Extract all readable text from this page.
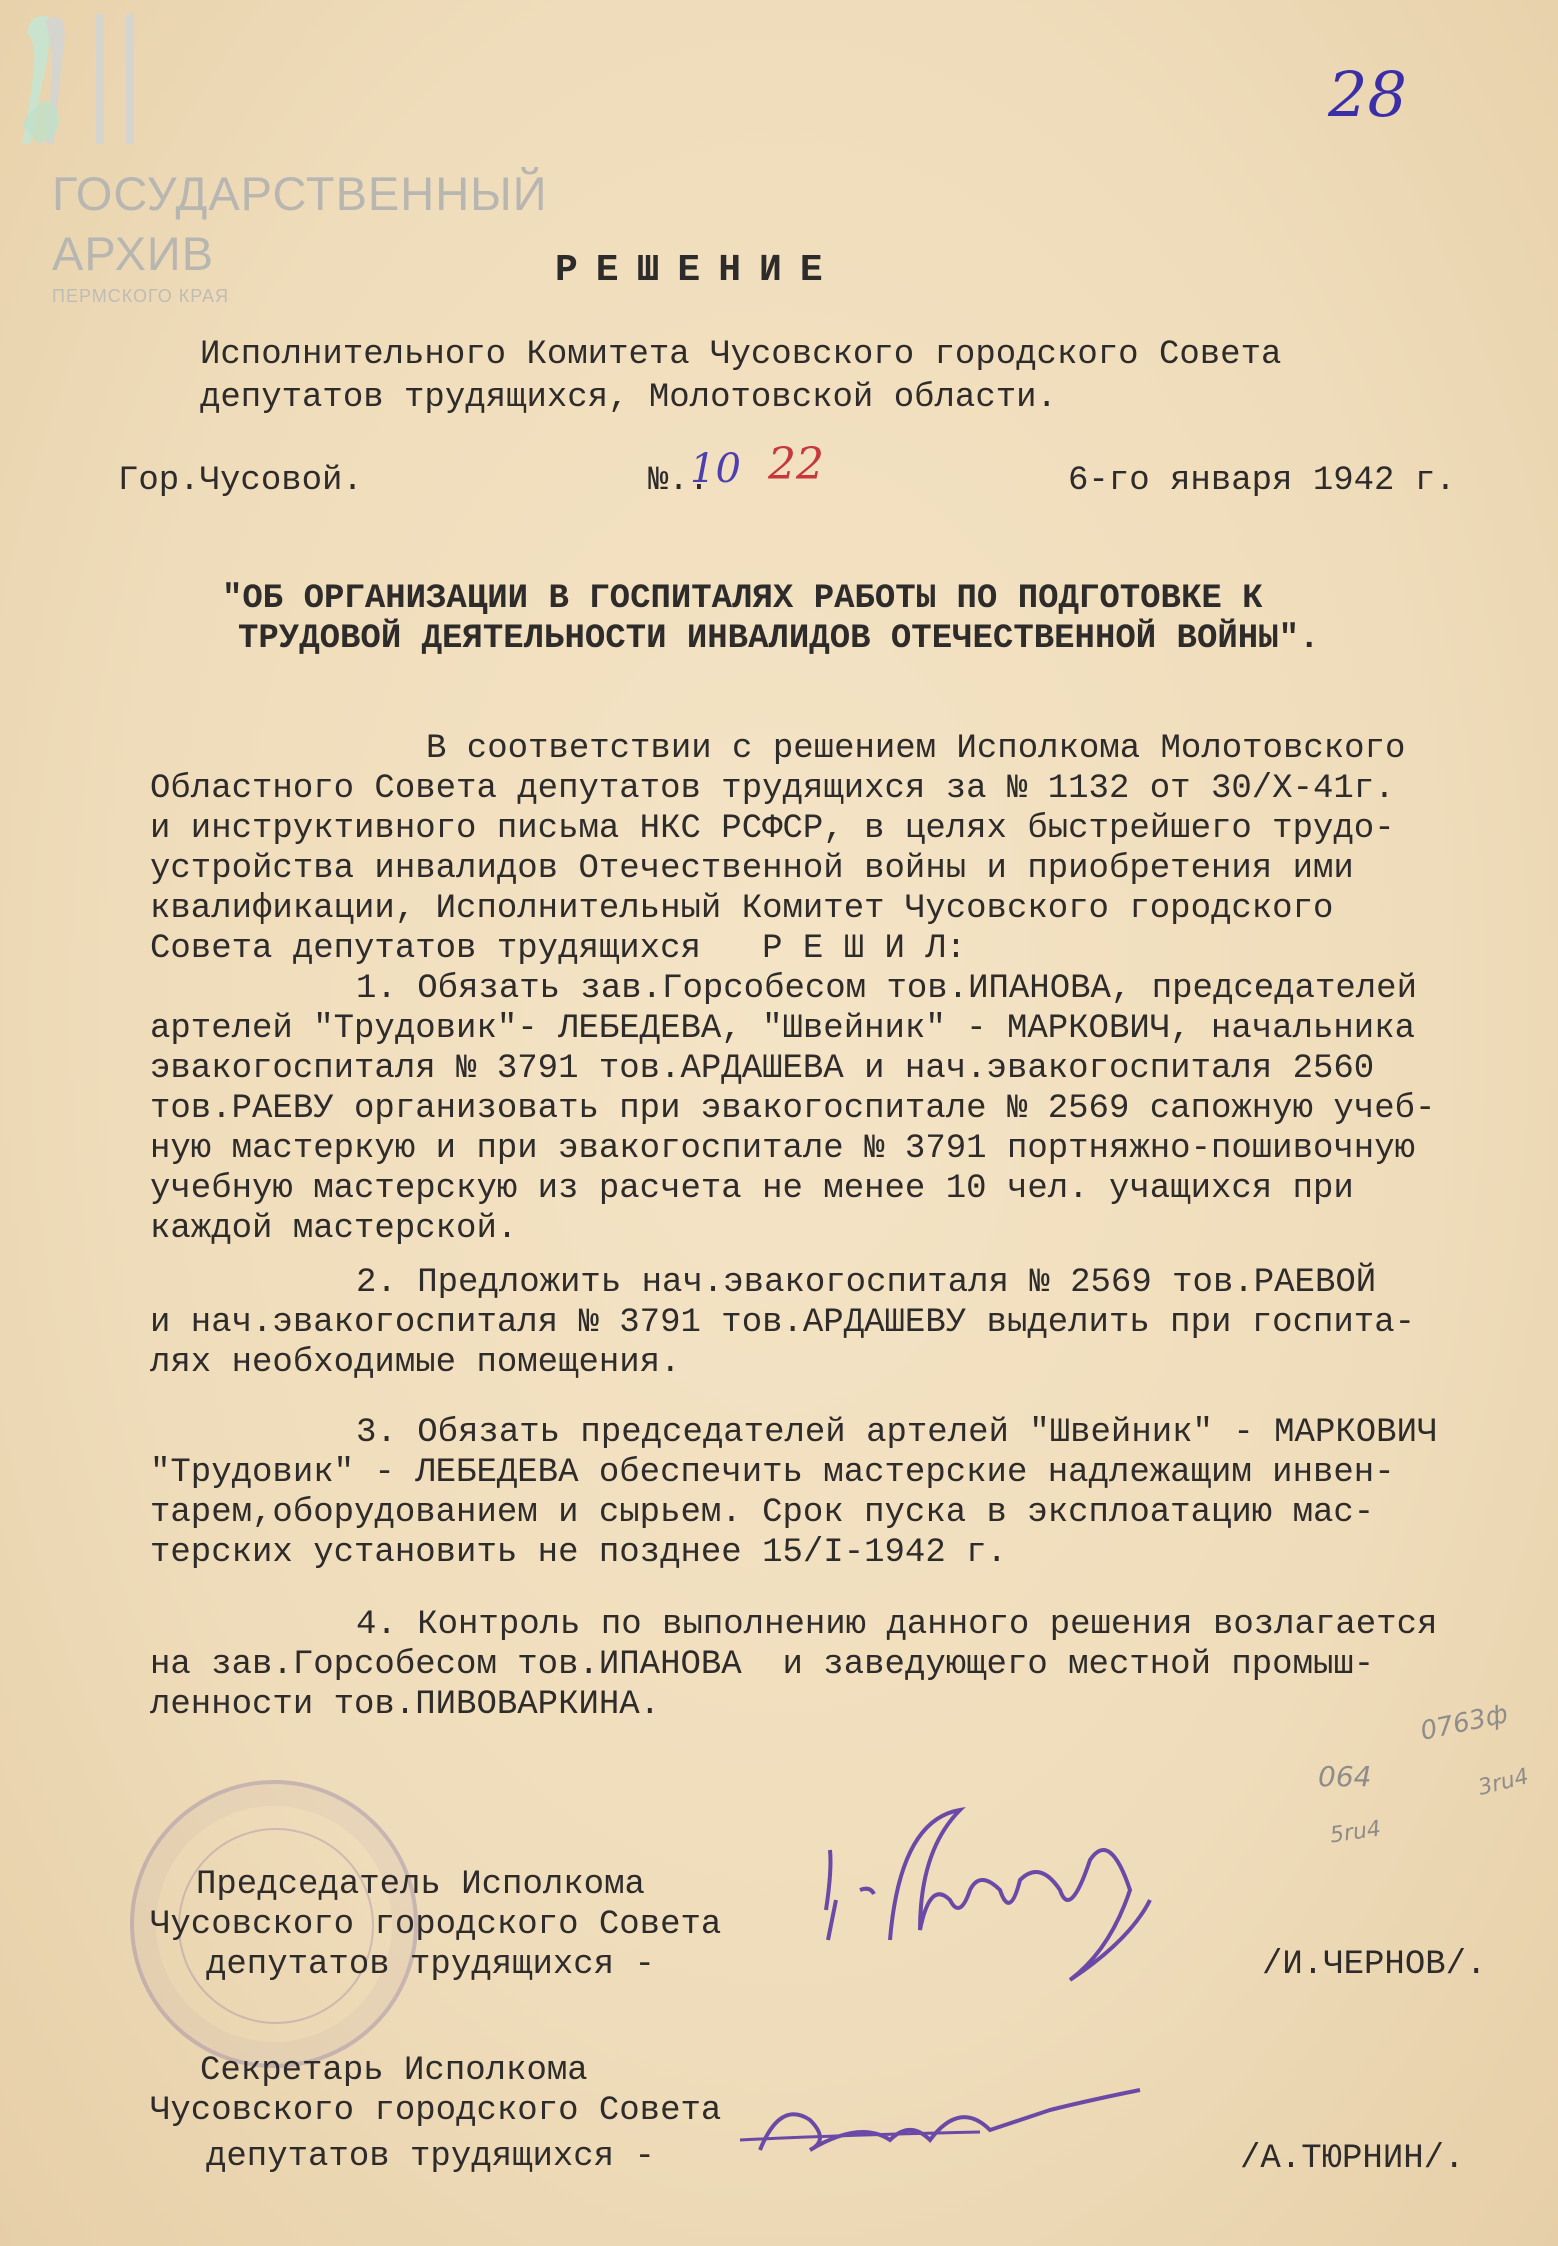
ГОСУДАРСТВЕННЫЙ
АРХИВ
ПЕРМСКОГО КРАЯ
28
РЕШЕНИЕ
Исполнительного Комитета Чусовского городского Совета
депутатов трудящихся, Молотовской области.
Гор.Чусовой.	№..
10 22	6-го января 1942 г.
"ОБ ОРГАНИЗАЦИИ В ГОСПИТАЛЯХ РАБОТЫ ПО ПОДГОТОВКЕ К
ТРУДОВОЙ ДЕЯТЕЛЬНОСТИ ИНВАЛИДОВ ОТЕЧЕСТВЕННОЙ ВОЙНЫ".
В соответствии с решением Исполкома Молотовского
Областного Совета депутатов трудящихся за № 1132 от 30/X-41г.
и инструктивного письма НКС РСФСР, в целях быстрейшего трудо-
устройства инвалидов Отечественной войны и приобретения ими
квалификации, Исполнительный Комитет Чусовского городского
Совета депутатов трудящихся   Р Е Ш И Л:
1. Обязать зав.Горсобесом тов.ИПАНОВА, председателей
артелей "Трудовик"- ЛЕБЕДЕВА, "Швейник" - МАРКОВИЧ, начальника
эвакогоспиталя № 3791 тов.АРДАШЕВА и нач.эвакогоспиталя 2560
тов.РАЕВУ организовать при эвакогоспитале № 2569 сапожную учеб-
ную мастеркую и при эвакогоспитале № 3791 портняжно-пошивочную
учебную мастерскую из расчета не менее 10 чел. учащихся при
каждой мастерской.
2. Предложить нач.эвакогоспиталя № 2569 тов.РАЕВОЙ
и нач.эвакогоспиталя № 3791 тов.АРДАШЕВУ выделить при госпита-
лях необходимые помещения.
3. Обязать председателей артелей "Швейник" - МАРКОВИЧ
"Трудовик" - ЛЕБЕДЕВА обеспечить мастерские надлежащим инвен-
тарем,оборудованием и сырьем. Срок пуска в эксплоатацию мас-
терских установить не позднее 15/I-1942 г.
4. Контроль по выполнению данного решения возлагается
на зав.Горсобесом тов.ИПАНОВА  и заведующего местной промыш-
ленности тов.ПИВОВАРКИНА.	0763ф
064	3ru4
5ru4
Председатель Исполкома
Чусовского городского Совета
депутатов трудящихся -	/И.ЧЕРНОВ/.
Секретарь Исполкома
Чусовского городского Совета
депутатов трудящихся -	/А.ТЮРНИН/.
